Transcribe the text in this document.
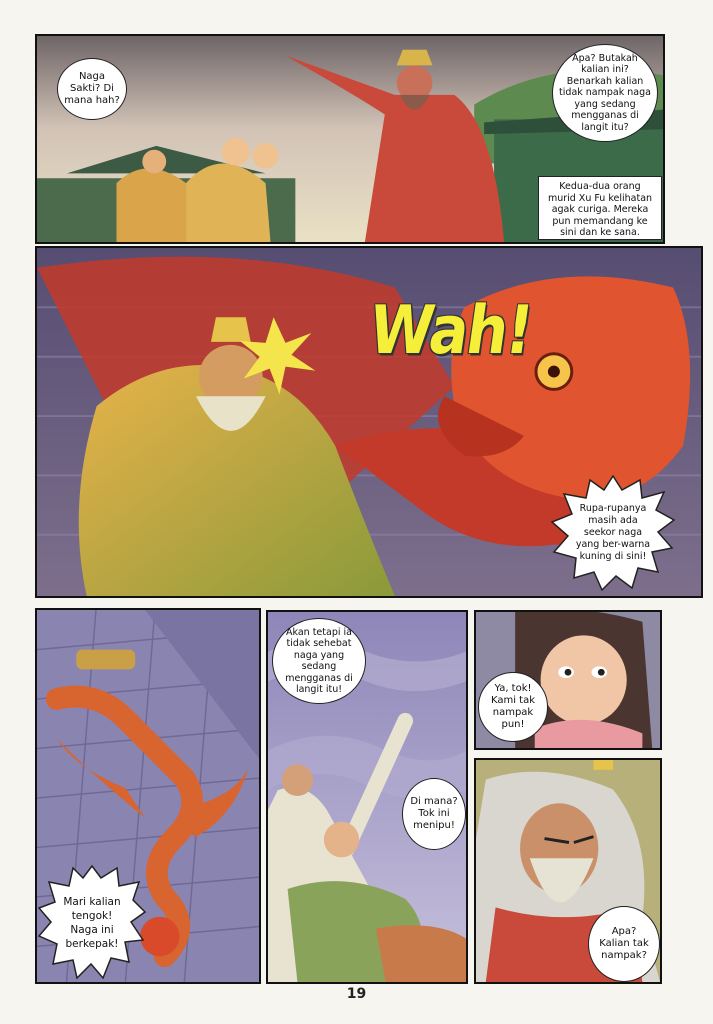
Naga Sakti? Di mana hah?
Apa? Butakah kalian ini? Benarkah kalian tidak nampak naga yang sedang mengganas di langit itu?
Kedua-dua orang murid Xu Fu kelihatan agak curiga. Mereka pun memandang ke sini dan ke sana.
Wah!
Rupa-rupanya masih ada seekor naga yang ber-warna kuning di sini!
Mari kalian tengok! Naga ini berkepak!
Akan tetapi ia tidak sehebat naga yang sedang mengganas di langit itu!
Di mana? Tok ini menipu!
Ya, tok! Kami tak nampak pun!
Apa? Kalian tak nampak?
19
